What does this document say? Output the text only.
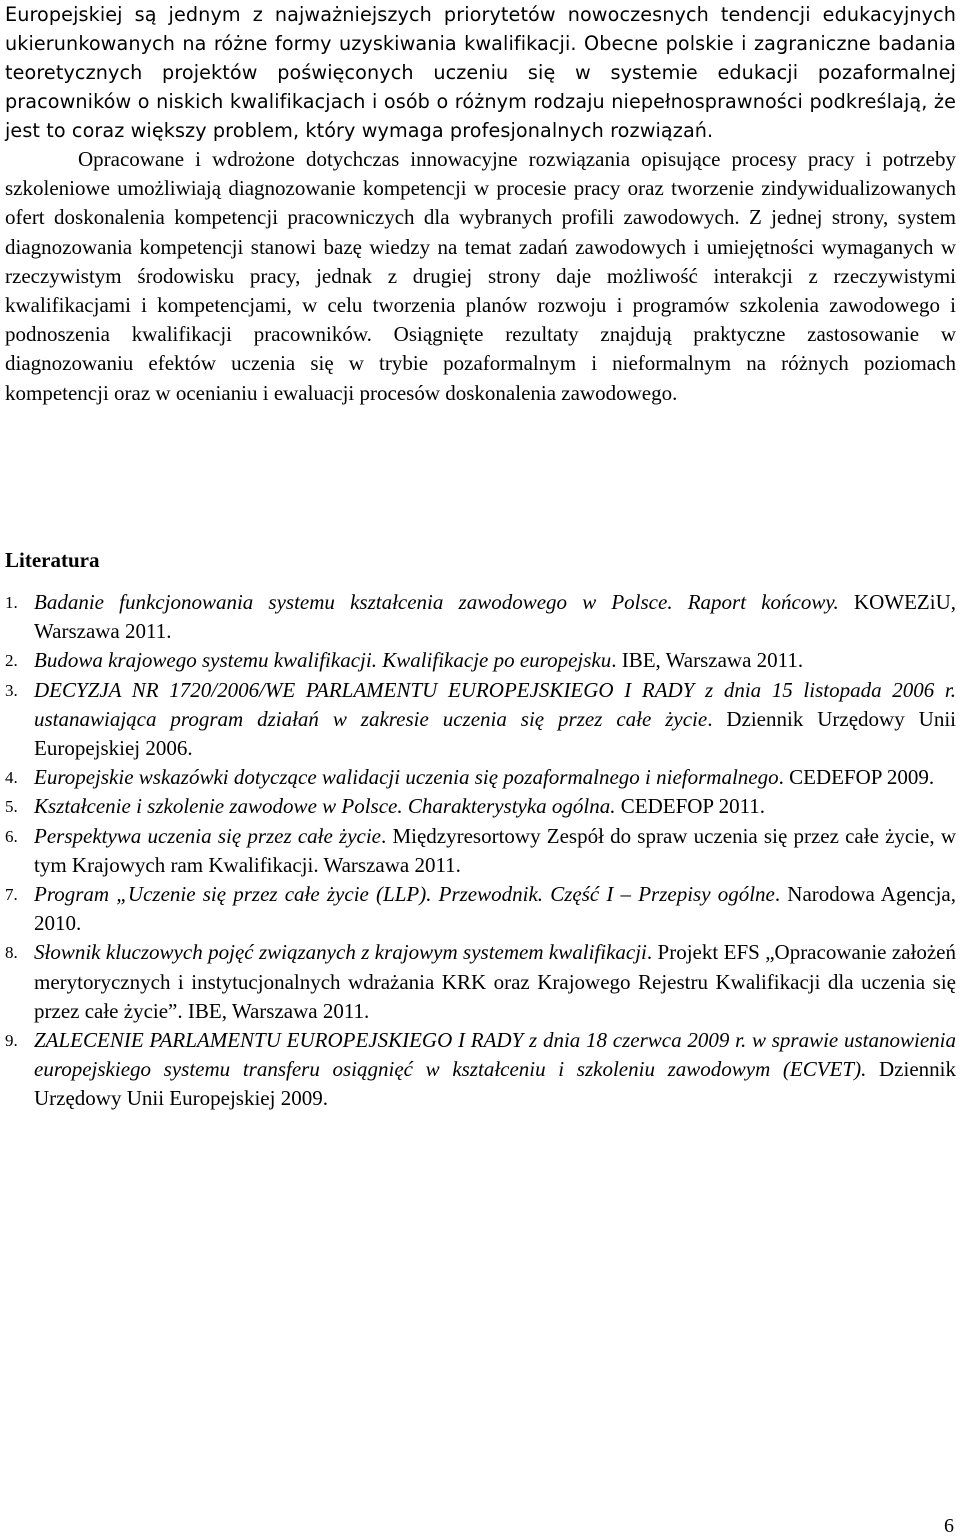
Europejskiej są jednym z najważniejszych priorytetów nowoczesnych tendencji edukacyjnych ukierunkowanych na różne formy uzyskiwania kwalifikacji. Obecne polskie i zagraniczne badania teoretycznych projektów poświęconych uczeniu się w systemie edukacji pozaformalnej pracowników o niskich kwalifikacjach i osób o różnym rodzaju niepełnosprawności podkreślają, że jest to coraz większy problem, który wymaga profesjonalnych rozwiązań.

Opracowane i wdrożone dotychczas innowacyjne rozwiązania opisujące procesy pracy i potrzeby szkoleniowe umożliwiają diagnozowanie kompetencji w procesie pracy oraz tworzenie zindywidualizowanych ofert doskonalenia kompetencji pracowniczych dla wybranych profili zawodowych. Z jednej strony, system diagnozowania kompetencji stanowi bazę wiedzy na temat zadań zawodowych i umiejętności wymaganych w rzeczywistym środowisku pracy, jednak z drugiej strony daje możliwość interakcji z rzeczywistymi kwalifikacjami i kompetencjami, w celu tworzenia planów rozwoju i programów szkolenia zawodowego i podnoszenia kwalifikacji pracowników. Osiągnięte rezultaty znajdują praktyczne zastosowanie w diagnozowaniu efektów uczenia się w trybie pozaformalnym i nieformalnym na różnych poziomach kompetencji oraz w ocenianiu i ewaluacji procesów doskonalenia zawodowego.

Literatura
1. Badanie funkcjonowania systemu kształcenia zawodowego w Polsce. Raport końcowy. KOWEZiU, Warszawa 2011.
2. Budowa krajowego systemu kwalifikacji. Kwalifikacje po europejsku. IBE, Warszawa 2011.
3. DECYZJA NR 1720/2006/WE PARLAMENTU EUROPEJSKIEGO I RADY z dnia 15 listopada 2006 r. ustanawiająca program działań w zakresie uczenia się przez całe życie. Dziennik Urzędowy Unii Europejskiej 2006.
4. Europejskie wskazówki dotyczące walidacji uczenia się pozaformalnego i nieformalnego. CEDEFOP 2009.
5. Kształcenie i szkolenie zawodowe w Polsce. Charakterystyka ogólna. CEDEFOP 2011.
6. Perspektywa uczenia się przez całe życie. Międzyresortowy Zespół do spraw uczenia się przez całe życie, w tym Krajowych ram Kwalifikacji. Warszawa 2011.
7. Program „Uczenie się przez całe życie (LLP). Przewodnik. Część I – Przepisy ogólne. Narodowa Agencja, 2010.
8. Słownik kluczowych pojęć związanych z krajowym systemem kwalifikacji. Projekt EFS „Opracowanie założeń merytorycznych i instytucjonalnych wdrażania KRK oraz Krajowego Rejestru Kwalifikacji dla uczenia się przez całe życie”. IBE, Warszawa 2011.
9. ZALECENIE PARLAMENTU EUROPEJSKIEGO I RADY z dnia 18 czerwca 2009 r. w sprawie ustanowienia europejskiego systemu transferu osiągnięć w kształceniu i szkoleniu zawodowym (ECVET). Dziennik Urzędowy Unii Europejskiej 2009.
6
